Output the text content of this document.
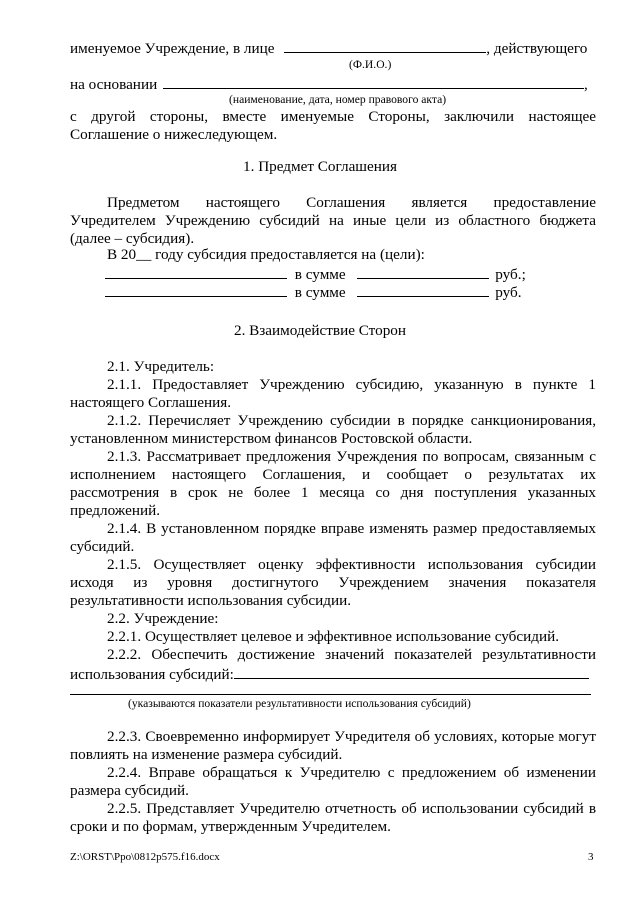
именуемое Учреждение, в лице	, действующего
(Ф.И.О.)
на основании	,
(наименование, дата, номер правового акта)
с другой стороны, вместе именуемые Стороны, заключили настоящее
Соглашение о нижеследующем.
1. Предмет Соглашения
Предметом настоящего Соглашения является предоставление
Учредителем Учреждению субсидий на иные цели из областного бюджета
(далее – субсидия).
В 20__ году субсидия предоставляется на (цели):
в сумме	руб.;
в сумме	руб.
2. Взаимодействие Сторон
2.1. Учредитель:
2.1.1. Предоставляет Учреждению субсидию, указанную в пункте 1
настоящего Соглашения.
2.1.2. Перечисляет Учреждению субсидии в порядке санкционирования,
установленном министерством финансов Ростовской области.
2.1.3. Рассматривает предложения Учреждения по вопросам, связанным с
исполнением настоящего Соглашения, и сообщает о результатах их
рассмотрения в срок не более 1 месяца со дня поступления указанных
предложений.
2.1.4. В установленном порядке вправе изменять размер предоставляемых
субсидий.
2.1.5. Осуществляет оценку эффективности использования субсидии
исходя из уровня достигнутого Учреждением значения показателя
результативности использования субсидии.
2.2. Учреждение:
2.2.1. Осуществляет целевое и эффективное использование субсидий.
2.2.2. Обеспечить достижение значений показателей результативности
использования субсидий:
(указываются показатели результативности использования субсидий)
2.2.3. Своевременно информирует Учредителя об условиях, которые могут
повлиять на изменение размера субсидий.
2.2.4. Вправе обращаться к Учредителю с предложением об изменении
размера субсидий.
2.2.5. Представляет Учредителю отчетность об использовании субсидий в
сроки и по формам, утвержденным Учредителем.
Z:\ORST\Ppo\0812p575.f16.docx	3
